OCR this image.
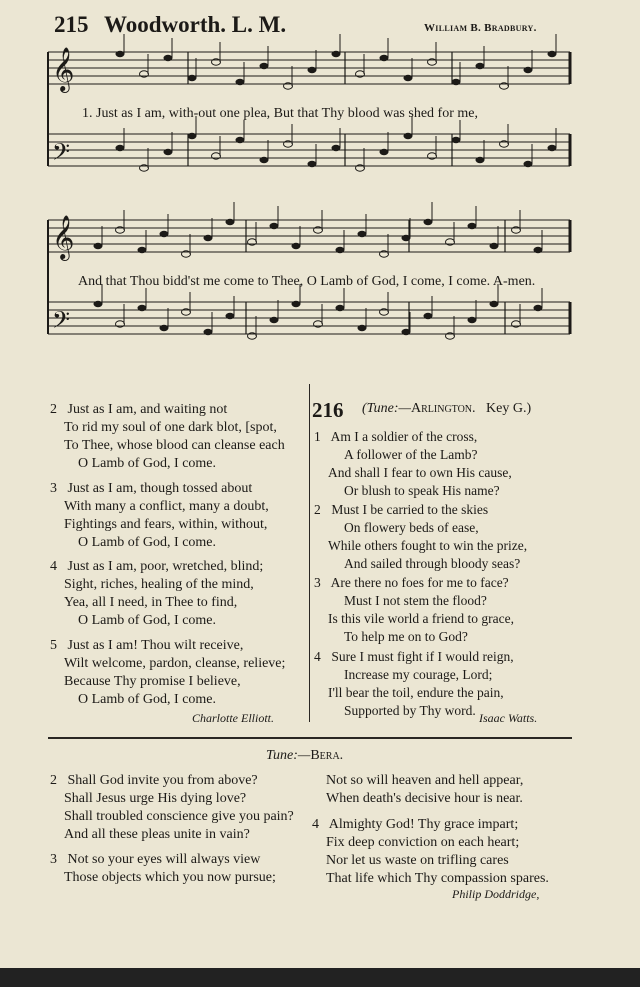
215 Woodworth. L. M.	William B. Bradbury.
𝄞
𝄢
𝄞
𝄢
1. Just as I am, with-out one plea, But that Thy blood was shed for me,
And that Thou bidd'st me come to Thee, O Lamb of God, I come, I come. A-men.
2 Just as I am, and waiting not
To rid my soul of one dark blot, [spot,
To Thee, whose blood can cleanse each
O Lamb of God, I come.
3 Just as I am, though tossed about
With many a conflict, many a doubt,
Fightings and fears, within, without,
O Lamb of God, I come.
4 Just as I am, poor, wretched, blind;
Sight, riches, healing of the mind,
Yea, all I need, in Thee to find,
O Lamb of God, I come.
5 Just as I am! Thou wilt receive,
Wilt welcome, pardon, cleanse, relieve;
Because Thy promise I believe,
O Lamb of God, I come.
Charlotte Elliott.
216 (Tune:—Arlington. Key G.)
1 Am I a soldier of the cross,
A follower of the Lamb?
And shall I fear to own His cause,
Or blush to speak His name?
2 Must I be carried to the skies
On flowery beds of ease,
While others fought to win the prize,
And sailed through bloody seas?
3 Are there no foes for me to face?
Must I not stem the flood?
Is this vile world a friend to grace,
To help me on to God?
4 Sure I must fight if I would reign,
Increase my courage, Lord;
I'll bear the toil, endure the pain,
Supported by Thy word. Isaac Watts.
Tune:—Bera.
2 Shall God invite you from above?
Shall Jesus urge His dying love?
Shall troubled conscience give you pain?
And all these pleas unite in vain?
3 Not so your eyes will always view
Those objects which you now pursue;
Not so will heaven and hell appear,
When death's decisive hour is near.
4 Almighty God! Thy grace impart;
Fix deep conviction on each heart;
Nor let us waste on trifling cares
That life which Thy compassion spares.
Philip Doddridge,
